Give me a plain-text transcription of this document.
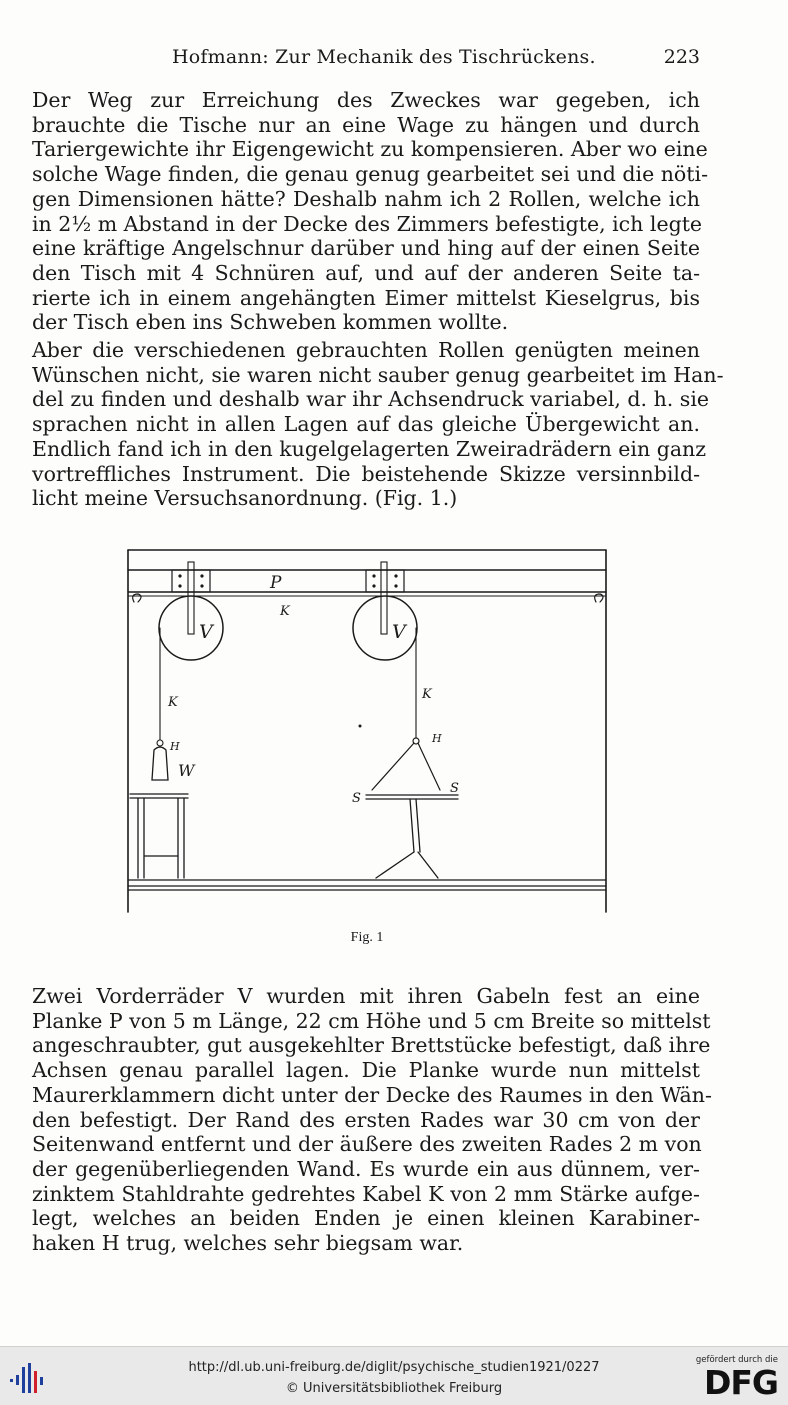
Hofmann: Zur Mechanik des Tischrückens.	223

Der Weg zur Erreichung des Zweckes war gegeben, ich
brauchte die Tische nur an eine Wage zu hängen und durch
Tariergewichte ihr Eigengewicht zu kompensieren. Aber wo eine
solche Wage finden, die genau genug gearbeitet sei und die nöti-
gen Dimensionen hätte? Deshalb nahm ich 2 Rollen, welche ich
in 2½ m Abstand in der Decke des Zimmers befestigte, ich legte
eine kräftige Angelschnur darüber und hing auf der einen Seite
den Tisch mit 4 Schnüren auf, und auf der anderen Seite ta-
rierte ich in einem angehängten Eimer mittelst Kieselgrus, bis
der Tisch eben ins Schweben kommen wollte.

Aber die verschiedenen gebrauchten Rollen genügten meinen
Wünschen nicht, sie waren nicht sauber genug gearbeitet im Han-
del zu finden und deshalb war ihr Achsendruck variabel, d. h. sie
sprachen nicht in allen Lagen auf das gleiche Übergewicht an.
Endlich fand ich in den kugelgelagerten Zweiradrädern ein ganz
vortreffliches Instrument. Die beistehende Skizze versinnbild-
licht meine Versuchsanordnung. (Fig. 1.)

P
K
V	V
K
K
H
H
W
S
S
Fig. 1

Zwei Vorderräder V wurden mit ihren Gabeln fest an eine
Planke P von 5 m Länge, 22 cm Höhe und 5 cm Breite so mittelst
angeschraubter, gut ausgekehlter Brettstücke befestigt, daß ihre
Achsen genau parallel lagen. Die Planke wurde nun mittelst
Maurerklammern dicht unter der Decke des Raumes in den Wän-
den befestigt. Der Rand des ersten Rades war 30 cm von der
Seitenwand entfernt und der äußere des zweiten Rades 2 m von
der gegenüberliegenden Wand. Es wurde ein aus dünnem, ver-
zinktem Stahldrahte gedrehtes Kabel K von 2 mm Stärke aufge-
legt, welches an beiden Enden je einen kleinen Karabiner-
haken H trug, welches sehr biegsam war.

http://dl.ub.uni-freiburg.de/diglit/psychische_studien1921/0227
© Universitätsbibliothek Freiburg
gefördert durch die
DFG
